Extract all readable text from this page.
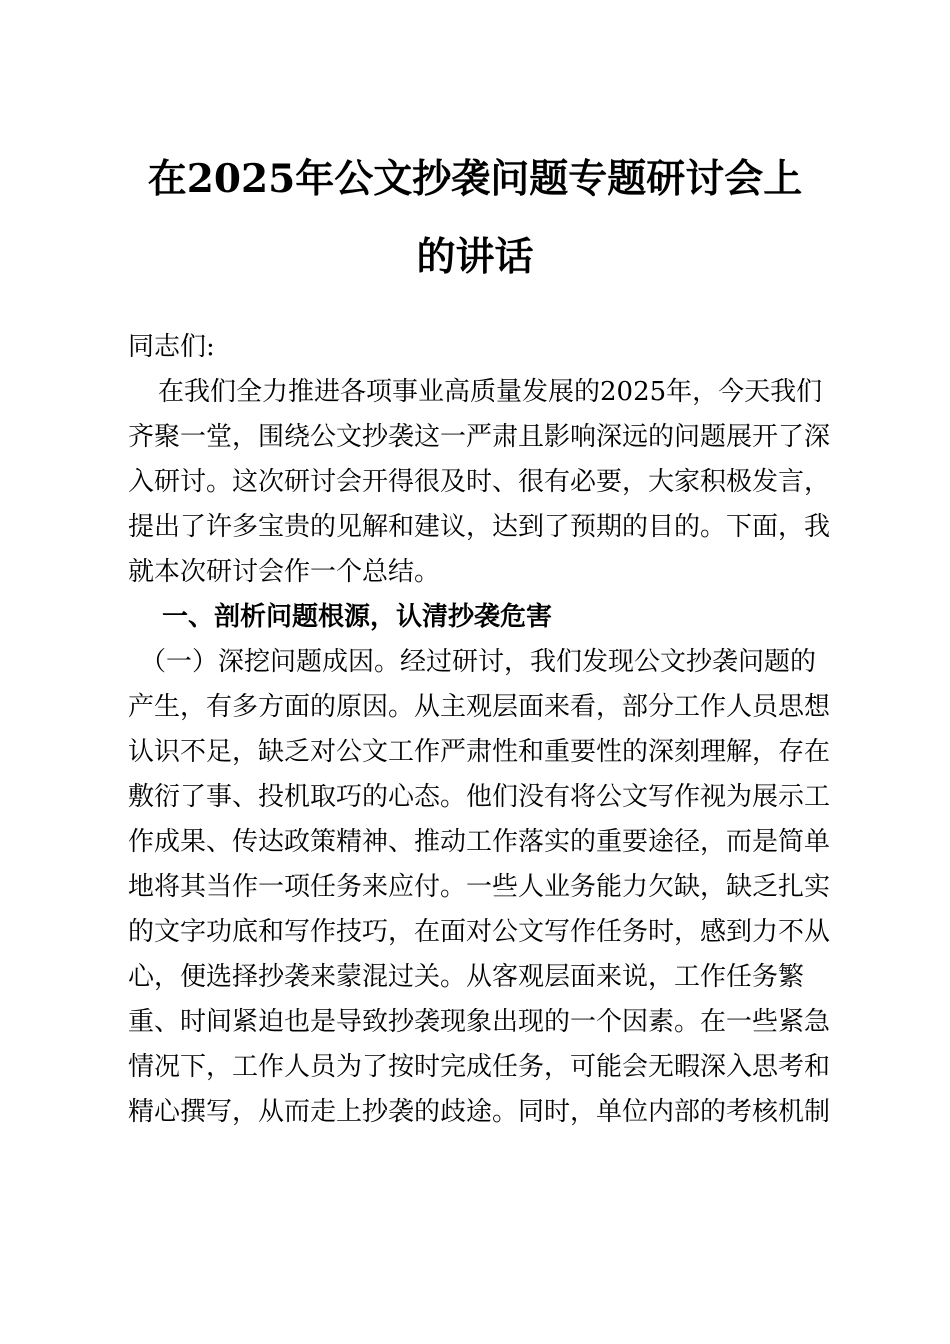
在2025年公文抄袭问题专题研讨会上
的讲话
同志们:
在我们全力推进各项事业高质量发展的2025年，今天我们
齐聚一堂，围绕公文抄袭这一严肃且影响深远的问题展开了深
入研讨。这次研讨会开得很及时、很有必要，大家积极发言，
提出了许多宝贵的见解和建议，达到了预期的目的。下面，我
就本次研讨会作一个总结。
一、剖析问题根源，认清抄袭危害
（一）深挖问题成因。经过研讨，我们发现公文抄袭问题的
产生，有多方面的原因。从主观层面来看，部分工作人员思想
认识不足，缺乏对公文工作严肃性和重要性的深刻理解，存在
敷衍了事、投机取巧的心态。他们没有将公文写作视为展示工
作成果、传达政策精神、推动工作落实的重要途径，而是简单
地将其当作一项任务来应付。一些人业务能力欠缺，缺乏扎实
的文字功底和写作技巧，在面对公文写作任务时，感到力不从
心，便选择抄袭来蒙混过关。从客观层面来说，工作任务繁
重、时间紧迫也是导致抄袭现象出现的一个因素。在一些紧急
情况下，工作人员为了按时完成任务，可能会无暇深入思考和
精心撰写，从而走上抄袭的歧途。同时，单位内部的考核机制
